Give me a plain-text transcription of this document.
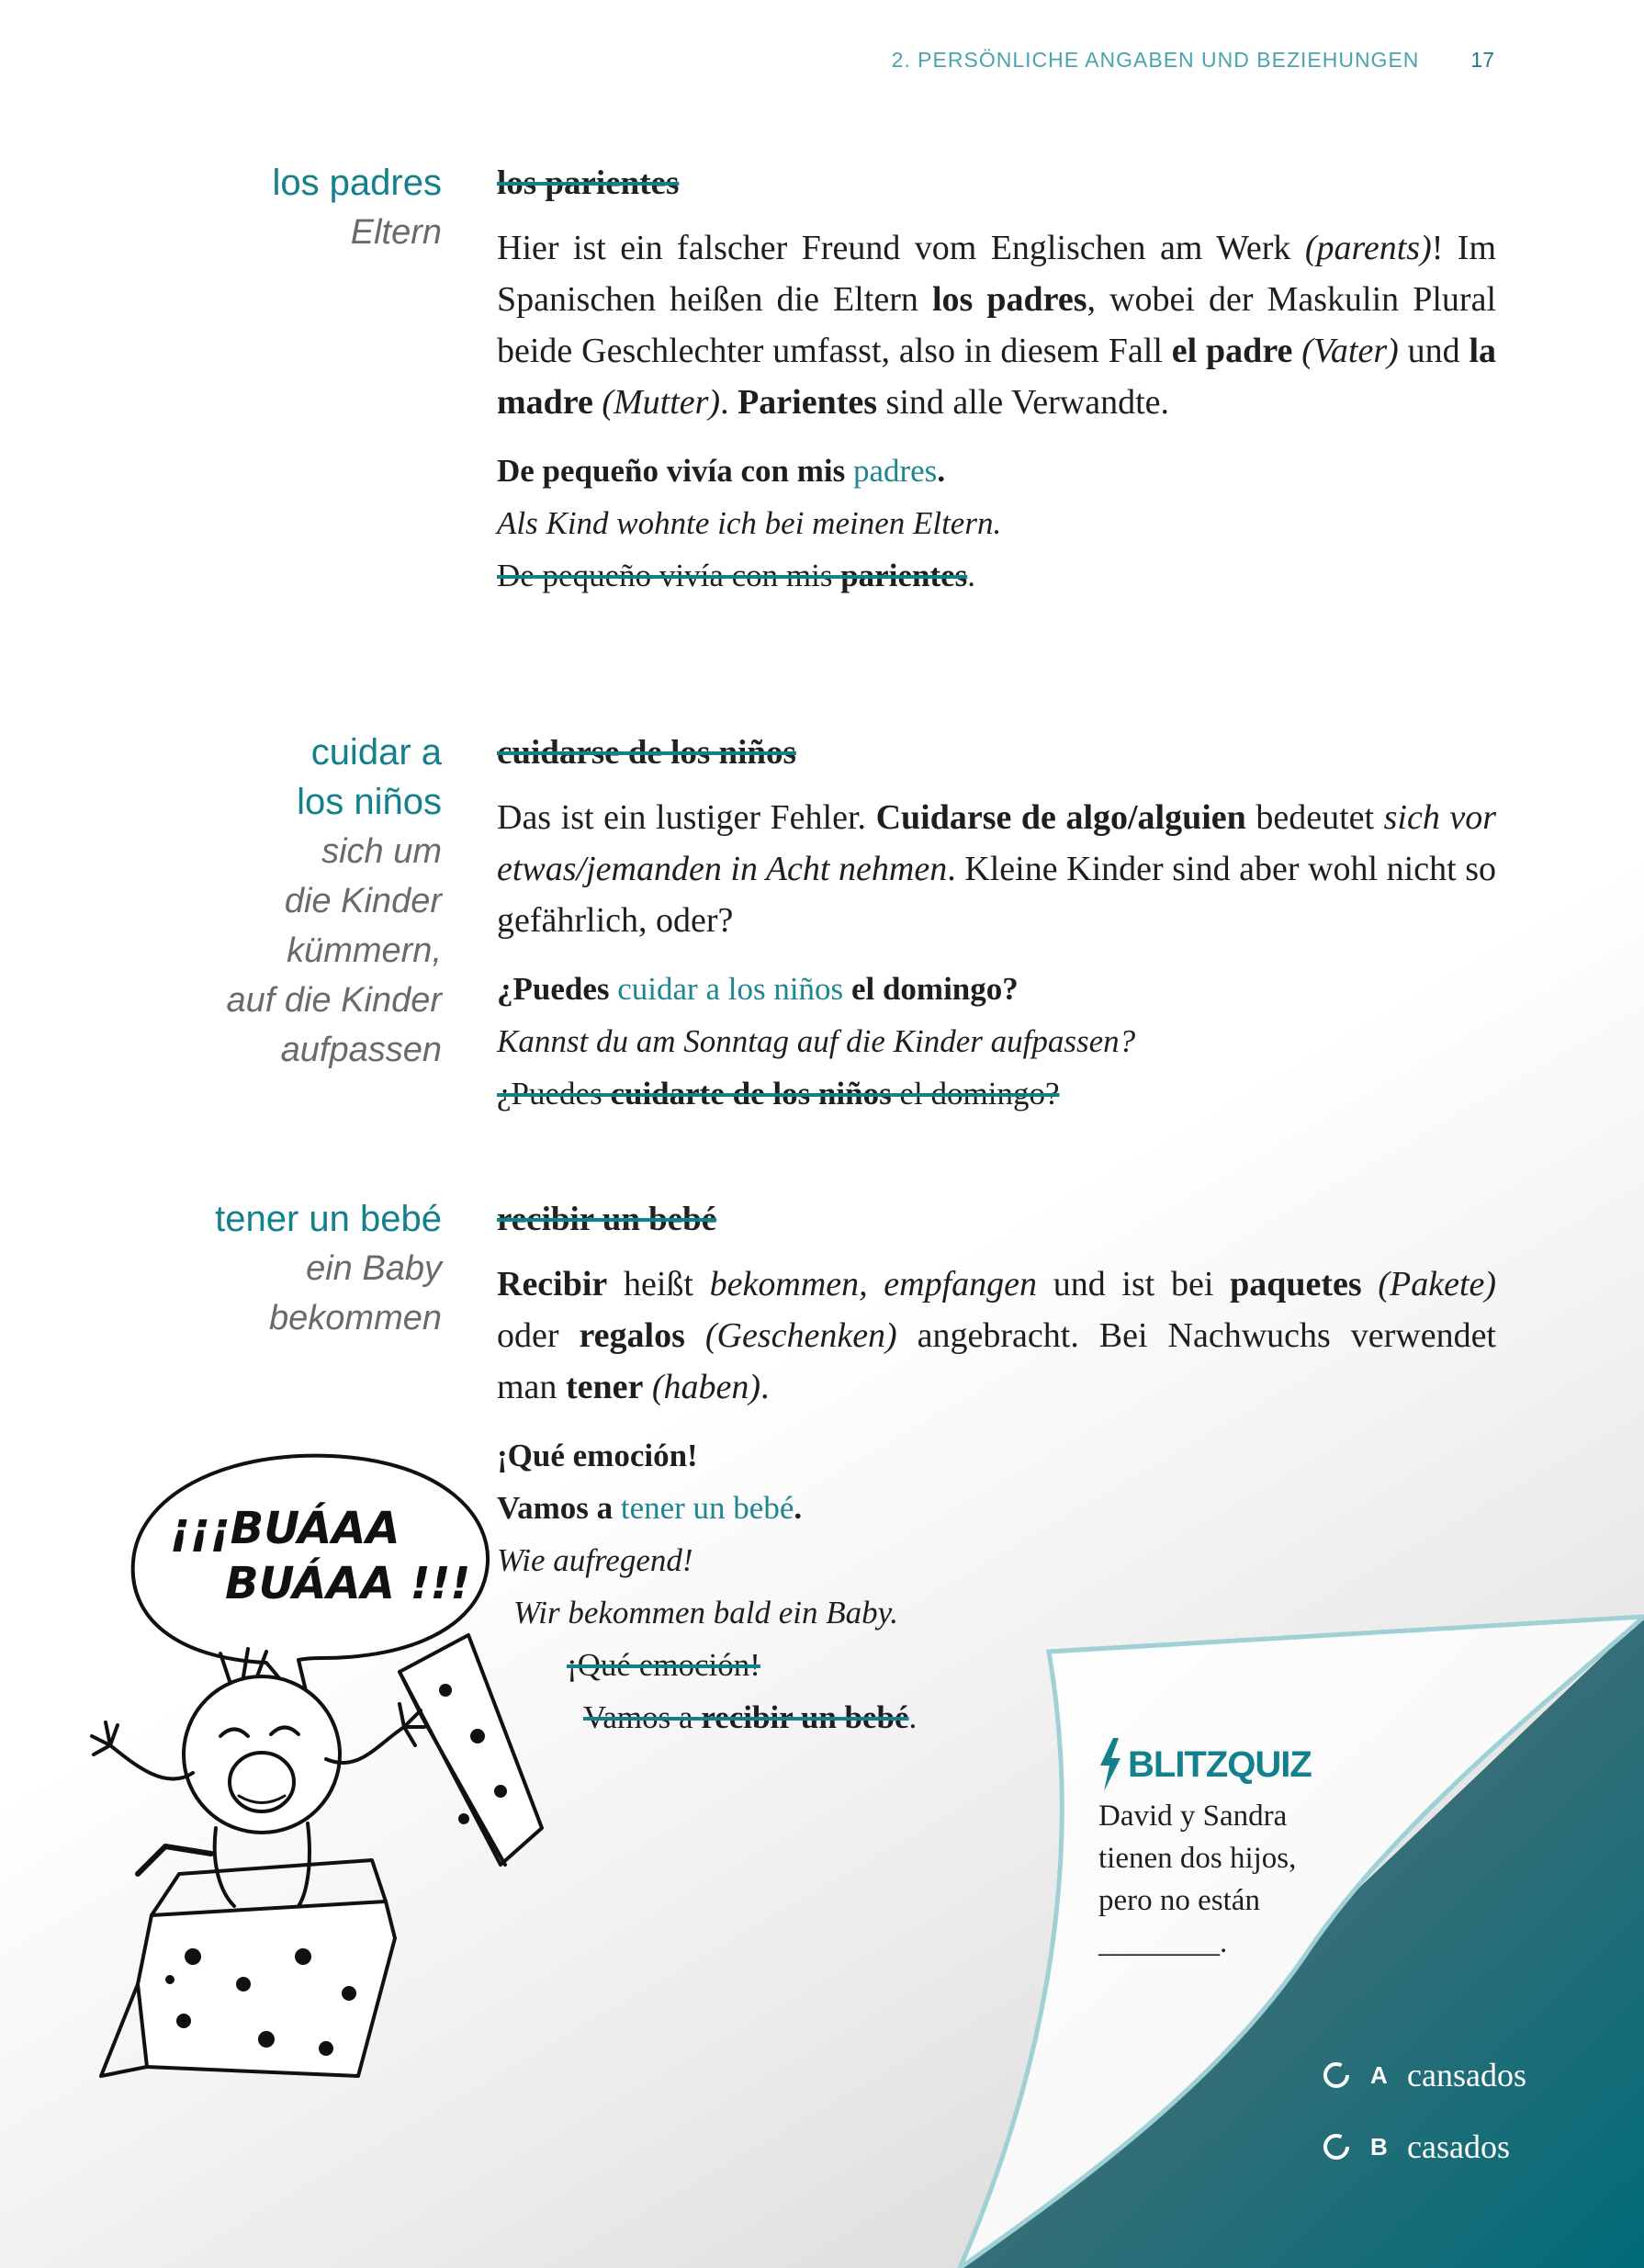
2. PERSÖNLICHE ANGABEN UND BEZIEHUNGEN 17
los padres
Eltern
los parientes
Hier ist ein falscher Freund vom Englischen am Werk (parents)! Im Spanischen heißen die Eltern los padres, wobei der Maskulin Plural beide Geschlechter umfasst, also in diesem Fall el padre (Vater) und la madre (Mutter). Parientes sind alle Verwandte.
De pequeño vivía con mis padres.
Als Kind wohnte ich bei meinen Eltern.
De pequeño vivía con mis parientes.
cuidar a
los niños
sich um
die Kinder
kümmern,
auf die Kinder
aufpassen
cuidarse de los niños
Das ist ein lustiger Fehler. Cuidarse de algo/alguien bedeutet sich vor etwas/jemanden in Acht nehmen. Kleine Kinder sind aber wohl nicht so gefährlich, oder?
¿Puedes cuidar a los niños el domingo?
Kannst du am Sonntag auf die Kinder aufpassen?
¿Puedes cuidarte de los niños el domingo?
tener un bebé
ein Baby
bekommen
recibir un bebé
Recibir heißt bekommen, empfangen und ist bei paquetes (Pakete) oder regalos (Geschenken) angebracht. Bei Nachwuchs verwendet man tener (haben).
¡Qué emoción!
Vamos a tener un bebé.
Wie aufregend!
Wir bekommen bald ein Baby.
¡Qué emoción!
Vamos a recibir un bebé.
¡¡¡BUÁAA
BUÁAA !!!
BLITZQUIZ
David y Sandra
tienen dos hijos,
pero no están
________.
A cansados
B casados
